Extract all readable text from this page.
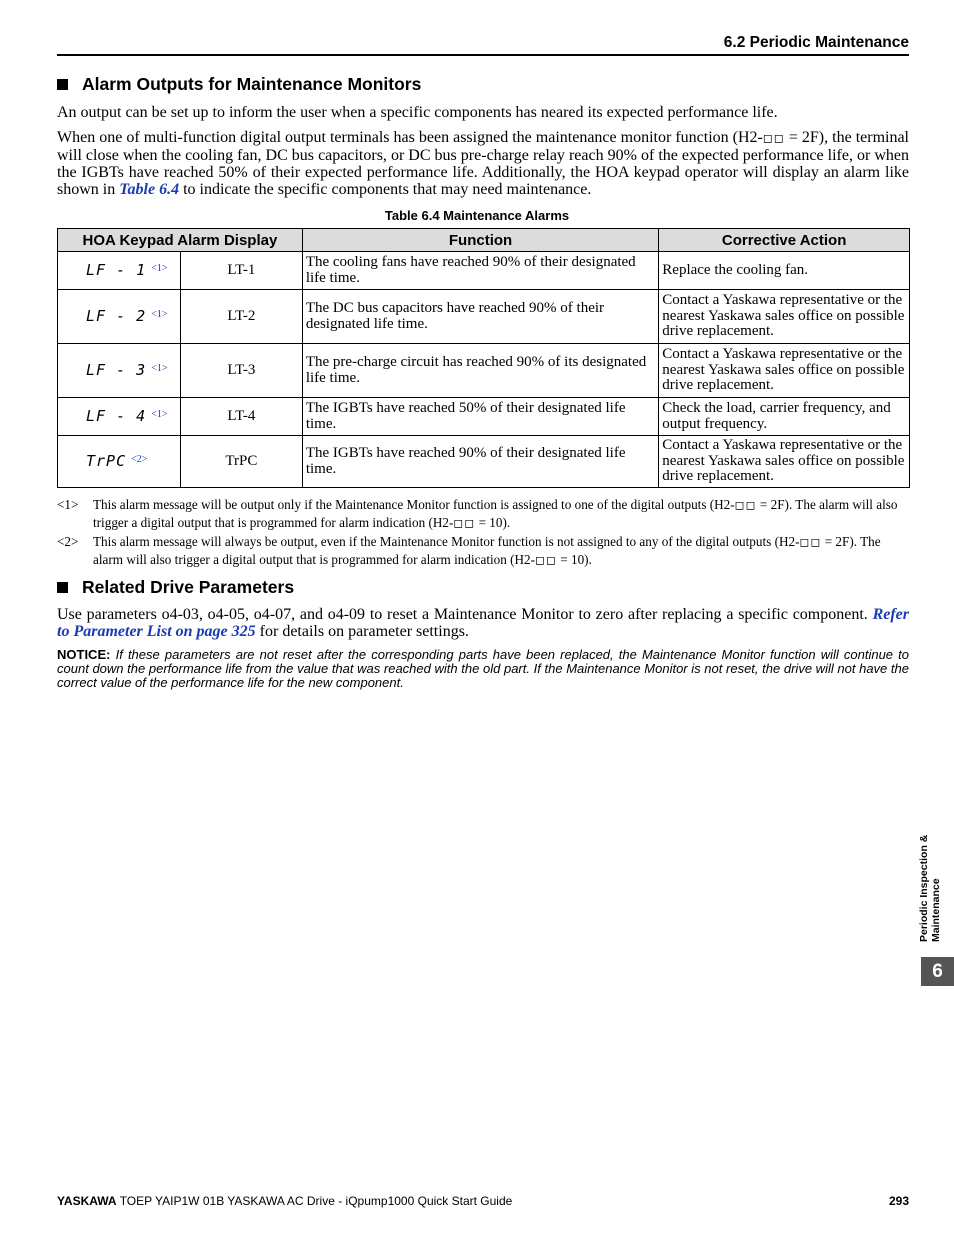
6.2 Periodic Maintenance
Alarm Outputs for Maintenance Monitors
An output can be set up to inform the user when a specific components has neared its expected performance life.
When one of multi-function digital output terminals has been assigned the maintenance monitor function (H2-◻◻ = 2F), the terminal will close when the cooling fan, DC bus capacitors, or DC bus pre-charge relay reach 90% of the expected performance life, or when the IGBTs have reached 50% of their expected performance life. Additionally, the HOA keypad operator will display an alarm like shown in Table 6.4 to indicate the specific components that may need maintenance.
Table 6.4 Maintenance Alarms
HOA Keypad Alarm Display		Function	Corrective Action
LF - 1 $^{<1>}$	LT-1	The cooling fans have reached 90% of their designated life time.	Replace the cooling fan.
LF - 2 $^{<1>}$	LT-2	The DC bus capacitors have reached 90% of their designated life time.	Contact a Yaskawa representative or the nearest Yaskawa sales office on possible drive replacement.
LF - 3 $^{<1>}$	LT-3	The pre-charge circuit has reached 90% of its designated life time.	Contact a Yaskawa representative or the nearest Yaskawa sales office on possible drive replacement.
LF - 4 $^{<1>}$	LT-4	The IGBTs have reached 50% of their designated life time.	Check the load, carrier frequency, and output frequency.
TrPC $^{<2>}$	TrPC	The IGBTs have reached 90% of their designated life time.	Contact a Yaskawa representative or the nearest Yaskawa sales office on possible drive replacement.
<1> This alarm message will be output only if the Maintenance Monitor function is assigned to one of the digital outputs (H2-◻◻ = 2F). The alarm will also trigger a digital output that is programmed for alarm indication (H2-◻◻ = 10).
<2> This alarm message will always be output, even if the Maintenance Monitor function is not assigned to any of the digital outputs (H2-◻◻ = 2F). The alarm will also trigger a digital output that is programmed for alarm indication (H2-◻◻ = 10).
Related Drive Parameters
Use parameters o4-03, o4-05, o4-07, and o4-09 to reset a Maintenance Monitor to zero after replacing a specific component. Refer to Parameter List on page 325 for details on parameter settings.
NOTICE: If these parameters are not reset after the corresponding parts have been replaced, the Maintenance Monitor function will continue to count down the performance life from the value that was reached with the old part. If the Maintenance Monitor is not reset, the drive will not have the correct value of the performance life for the new component.
Periodic Inspection &
Maintenance
6
YASKAWA TOEP YAIP1W 01B YASKAWA AC Drive - iQpump1000 Quick Start Guide	293
